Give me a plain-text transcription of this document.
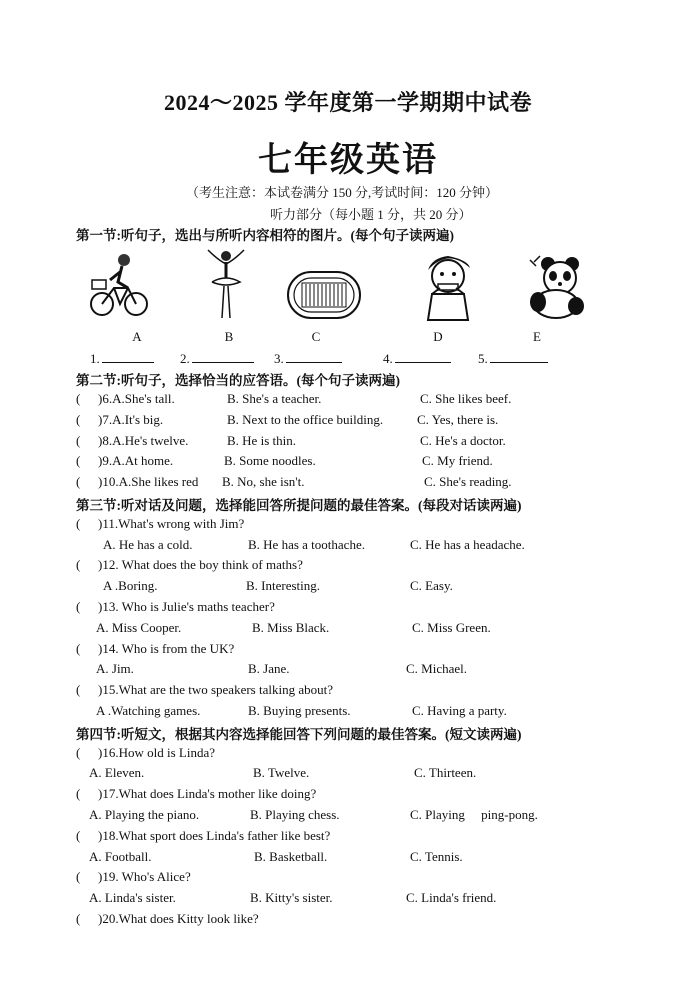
2024～2025 学年度第一学期期中试卷
七年级英语
（考生注意：本试卷满分 150 分,考试时间：120 分钟）
听力部分（每小题 1 分，共 20 分）
第一节:听句子，选出与所听内容相符的图片。(每个句子读两遍)
A	B	C	D	E
1.	2.	3.	4.	5.
第二节:听句子，选择恰当的应答语。(每个句子读两遍)
( )6.A.She's tall.	B. She's a teacher.	C. She likes beef.
( )7.A.It's big.	B. Next to the office building.	C. Yes, there is.
( )8.A.He's twelve.	B. He is thin.	C. He's a doctor.
( )9.A.At home.	B. Some noodles.	C. My friend.
( )10.A.She likes red B. No, she isn't.	C. She's reading.
第三节:听对话及问题，选择能回答所提问题的最佳答案。(每段对话读两遍)
( )11.What's wrong with Jim?
A. He has a cold.	B. He has a toothache.	C. He has a headache.
( )12. What does the boy think of maths?
A .Boring.	B. Interesting.	C. Easy.
( )13. Who is Julie's maths teacher?
A. Miss Cooper.	B. Miss Black.	C. Miss Green.
( )14. Who is from the UK?
A. Jim.	B. Jane.	C. Michael.
( )15.What are the two speakers talking about?
A .Watching games.	B. Buying presents.	C. Having a party.
第四节:听短文，根据其内容选择能回答下列问题的最佳答案。(短文读两遍)
( )16.How old is Linda?
A. Eleven.	B. Twelve.	C. Thirteen.
( )17.What does Linda's mother like doing?
A. Playing the piano.	B. Playing chess.	C. Playing     ping-pong.
( )18.What sport does Linda's father like best?
A. Football.	B. Basketball.	C. Tennis.
( )19. Who's Alice?
A. Linda's sister.	B. Kitty's sister.	C. Linda's friend.
( )20.What does Kitty look like?
